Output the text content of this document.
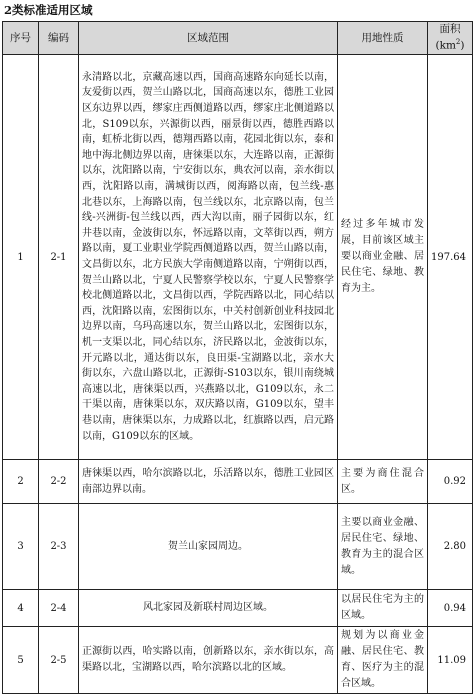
2类标准适用区域
序号	编码	区域范围	用地性质	面积
$(km^2)$
1	2-1	永清路以北，京藏高速以西，国商高速路东向延长以南，友爱街以西，贺兰山路以北，国商高速以东，德胜工业园区东边界以西，缪家庄西侧道路以西，缪家庄北侧道路以北，S109以东，兴源街以西，丽景街以西，德胜西路以南，虹桥北街以西，德翔西路以南，花园北街以东，泰和地中海北侧边界以南，唐徕渠以东，大连路以南，正源街以东，沈阳路以南，宁安街以东，典农河以南，亲水街以西，沈阳路以南，满城街以西，阅海路以南，包兰线-惠北巷以东，上海路以南，包兰线以东，北京路以南，包兰线-兴洲街-包兰线以西，西大沟以南，丽子园街以东，红井巷以南，金波街以东，怀远路以南，文萃街以西，朔方路以南，夏工业职业学院西侧道路以西，贺兰山路以南，文昌街以东，北方民族大学南侧道路以南，宁朔街以西，贺兰山路以北，宁夏人民警察学校以东，宁夏人民警察学校北侧道路以北，文昌街以西，学院西路以北，同心结以西，沈阳路以南，宏图街以东，中关村创新创业科技园北边界以南，乌玛高速以东，贺兰山路以北，宏图街以东，机一支渠以北，同心结以东，济民路以北，金波街以东，开元路以北，通达街以东，良田渠-宝湖路以北，亲水大街以东，六盘山路以北，正源街-S103以东，银川南绕城高速以北，唐徕渠以西，兴燕路以北，G109以东，永二干渠以南，唐徕渠以东，双庆路以南，G109以东，望丰巷以南，唐徕渠以东，力成路以北，红旗路以西，启元路以南，G109以东的区域。	经过多年城市发展，目前该区域主要以商业金融、居民住宅、绿地、教育为主。	197.64
2	2-2	唐徕渠以西，哈尔滨路以北，乐活路以东，德胜工业园区南部边界以南。	主要为商住混合区。	0.92
3	2-3	贺兰山家园周边。	主要以商业金融、居民住宅、绿地、教育为主的混合区域。	2.80
4	2-4	风北家园及新联村周边区域。	以居民住宅为主的区域。	0.94
5	2-5	正源街以西，哈实路以南，创新路以东，亲水街以东，高渠路以北，宝湖路以西，哈尔滨路以北的区域。	规划为以商业金融、居民住宅、教育、医疗为主的混合区域。	11.09
